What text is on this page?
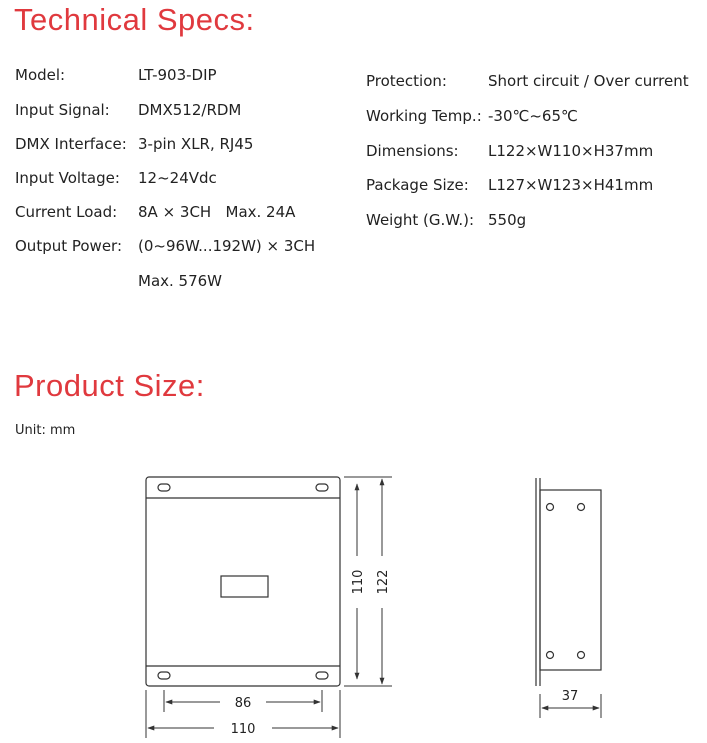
Technical Specs:
Model:	LT-903-DIP
Input Signal: DMX512/RDM
DMX Interface: 3-pin XLR, RJ45
Input Voltage: 12~24Vdc
Current Load: 8A × 3CH   Max. 24A
Output Power: (0~96W...192W) × 3CH
Max. 576W
Protection:	Short circuit / Over current
Working Temp.: -30℃~65℃
Dimensions: L122×W110×H37mm
Package Size: L127×W123×H41mm
Weight (G.W.): 550g
Product Size:
Unit: mm
110 122
86
110
37
